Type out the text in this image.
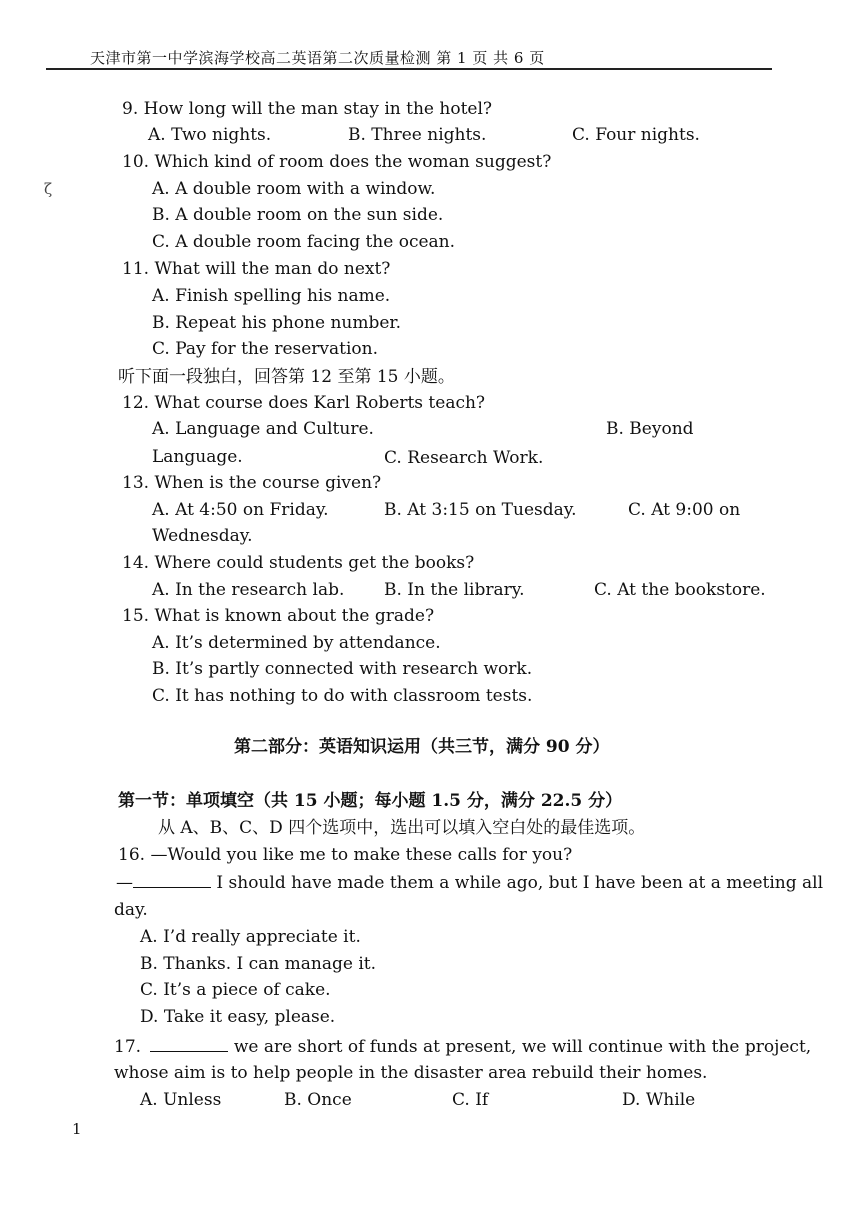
天津市第一中学滨海学校高二英语第二次质量检测 第 1 页 共 6 页
ζ
9. How long will the man stay in the hotel?
A. Two nights.	B. Three nights.	C. Four nights.
10. Which kind of room does the woman suggest?
A. A double room with a window.
B. A double room on the sun side.
C. A double room facing the ocean.
11. What will the man do next?
A. Finish spelling his name.
B. Repeat his phone number.
C. Pay for the reservation.
听下面一段独白，回答第 12 至第 15 小题。
12. What course does Karl Roberts teach?
A. Language and Culture.	B. Beyond
Language.	C. Research Work.
13. When is the course given?
A. At 4:50 on Friday.	B. At 3:15 on Tuesday.	C. At 9:00 on
Wednesday.
14. Where could students get the books?
A. In the research lab. B. In the library.	C. At the bookstore.
15. What is known about the grade?
A. It’s determined by attendance.
B. It’s partly connected with research work.
C. It has nothing to do with classroom tests.
第二部分：英语知识运用（共三节，满分 90 分）
第一节：单项填空（共 15 小题；每小题 1.5 分，满分 22.5 分）
从 A、B、C、D 四个选项中，选出可以填入空白处的最佳选项。
16. —Would you like me to make these calls for you?
—	I should have made them a while ago, but I have been at a meeting all
day.
A. I’d really appreciate it.
B. Thanks. I can manage it.
C. It’s a piece of cake.
D. Take it easy, please.
17.	we are short of funds at present, we will continue with the project,
whose aim is to help people in the disaster area rebuild their homes.
A. Unless	B. Once	C. If	D. While
1
